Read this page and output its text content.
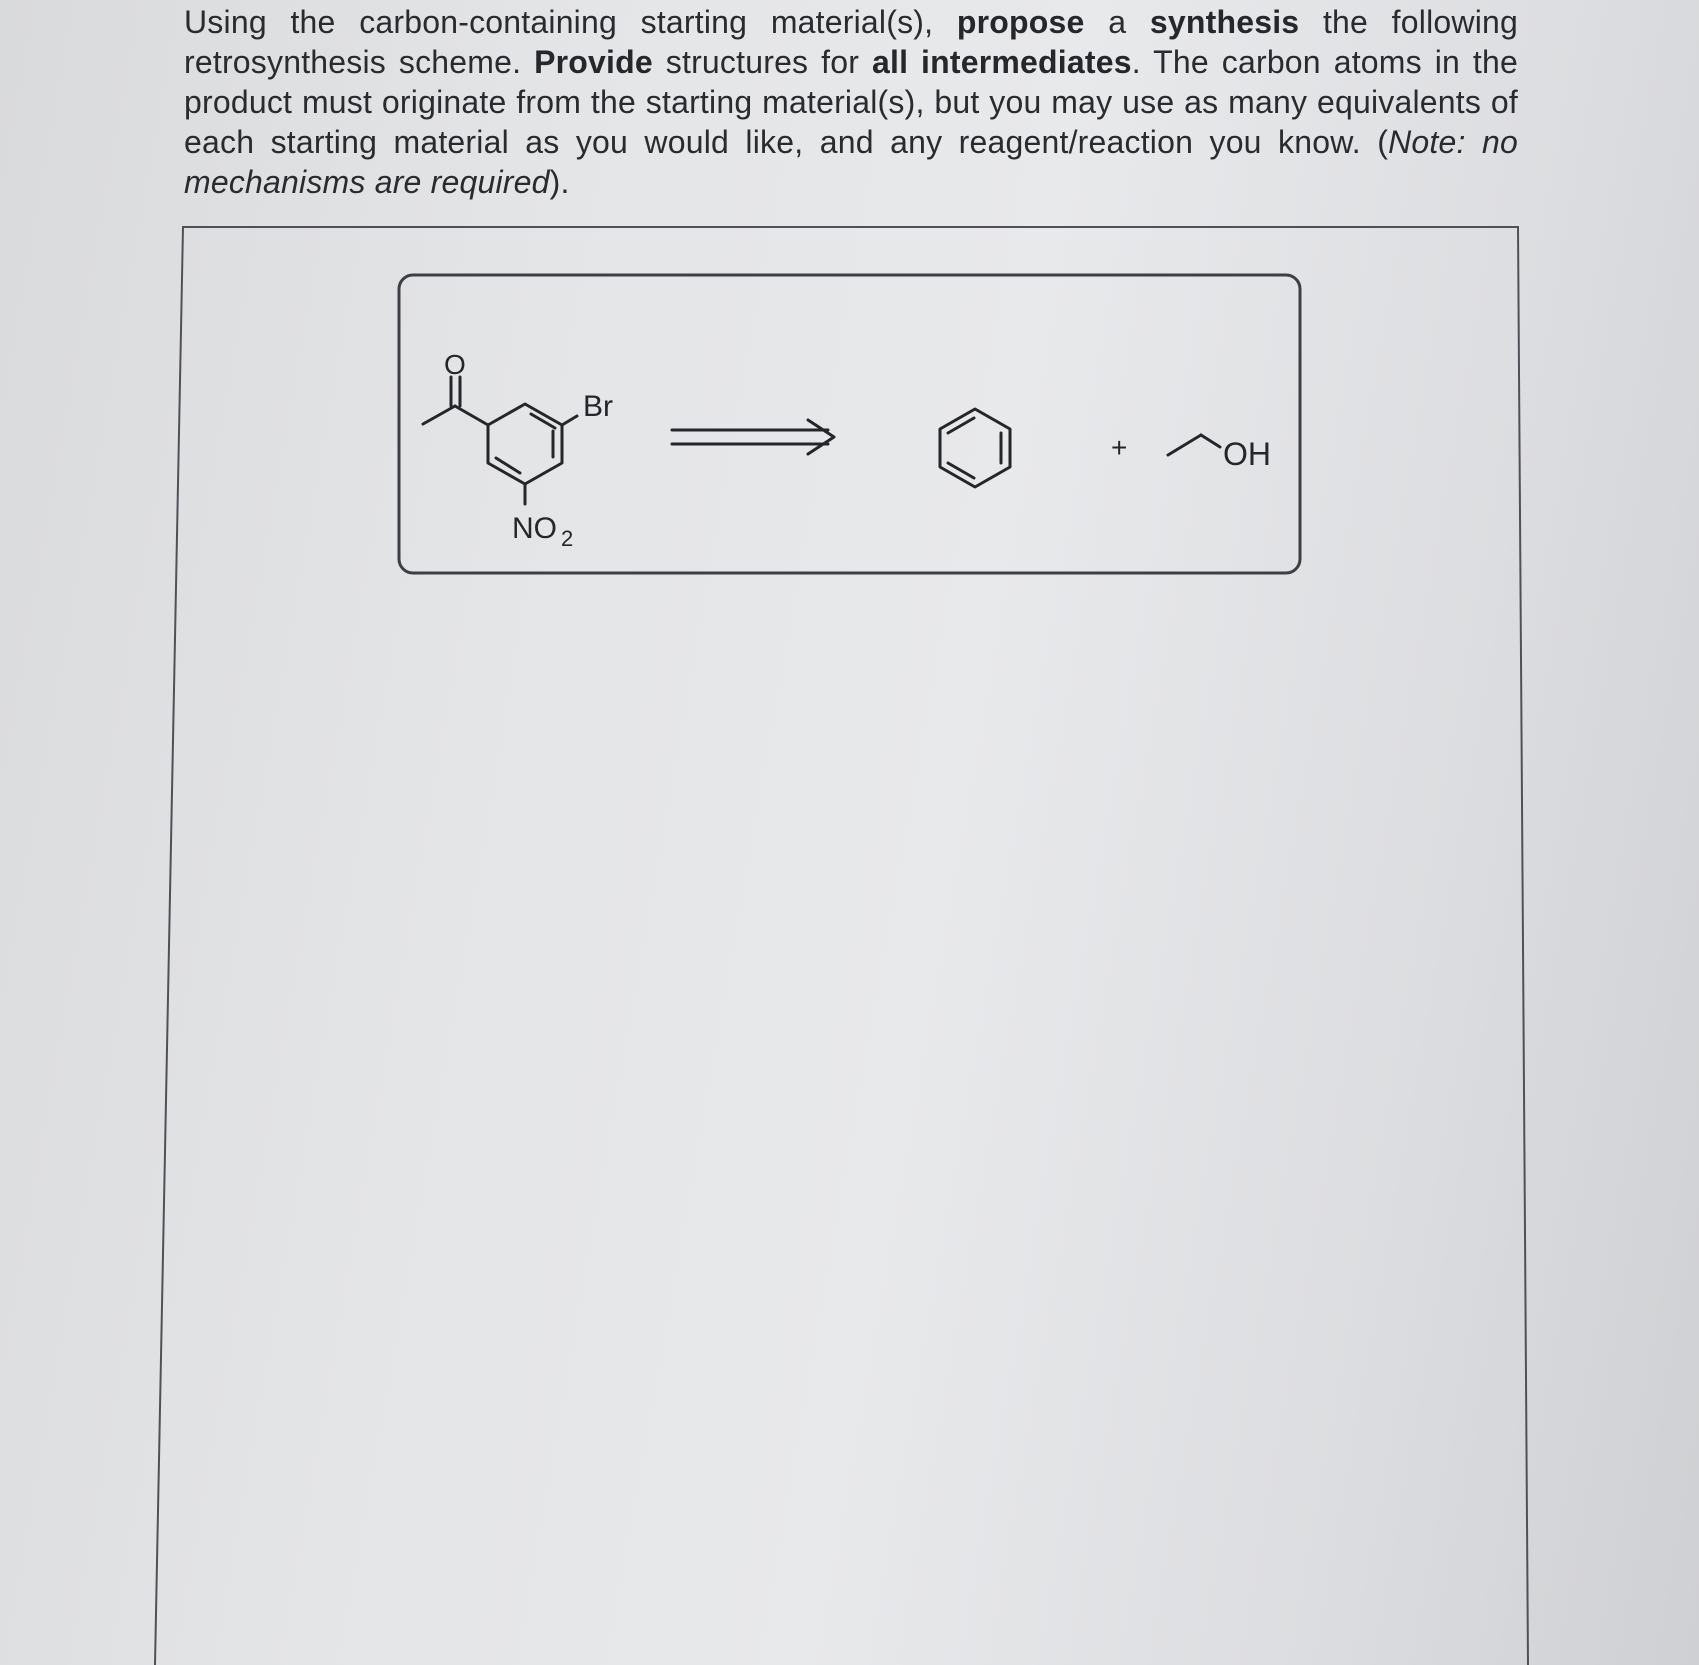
Using the carbon-containing starting material(s), propose a synthesis the following retrosynthesis scheme. Provide structures for all intermediates. The carbon atoms in the product must originate from the starting material(s), but you may use as many equivalents of each starting material as you would like, and any reagent/reaction you know. (Note: no mechanisms are required).
O
Br
NO 2
+	OH
